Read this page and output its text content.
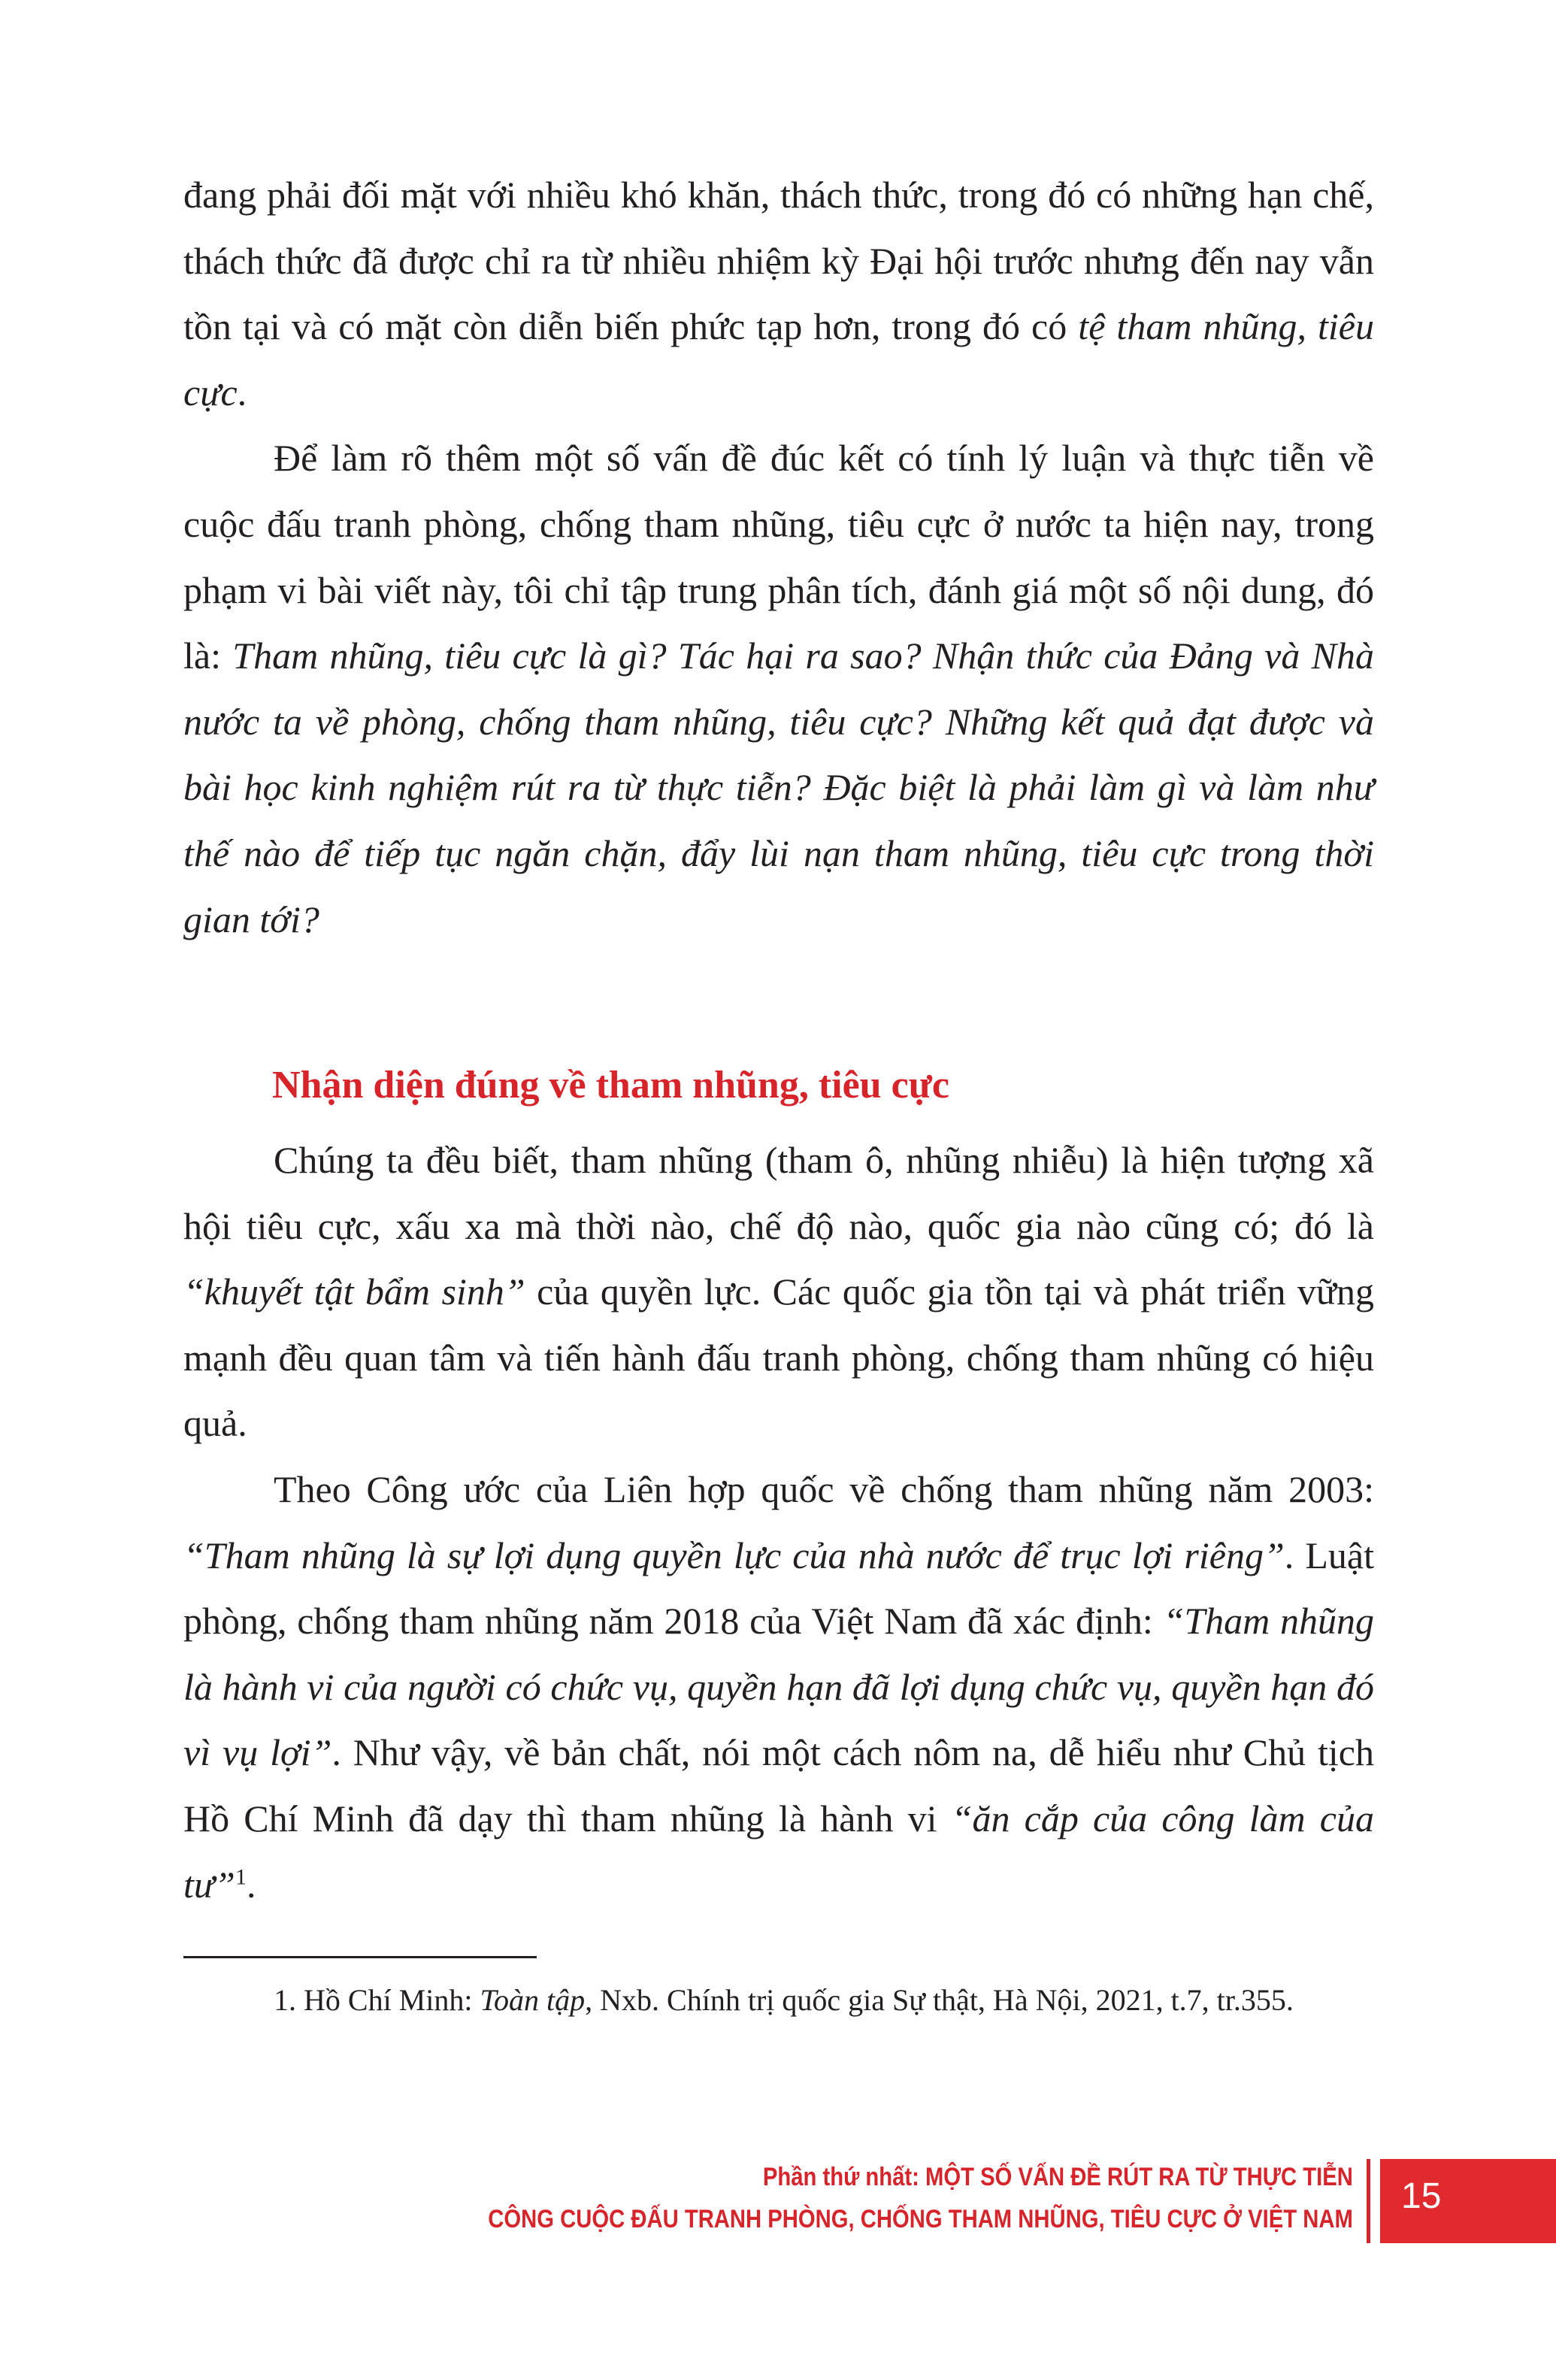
đang phải đối mặt với nhiều khó khăn, thách thức, trong đó có những hạn chế, thách thức đã được chỉ ra từ nhiều nhiệm kỳ Đại hội trước nhưng đến nay vẫn tồn tại và có mặt còn diễn biến phức tạp hơn, trong đó có tệ tham nhũng, tiêu cực.

Để làm rõ thêm một số vấn đề đúc kết có tính lý luận và thực tiễn về cuộc đấu tranh phòng, chống tham nhũng, tiêu cực ở nước ta hiện nay, trong phạm vi bài viết này, tôi chỉ tập trung phân tích, đánh giá một số nội dung, đó là: Tham nhũng, tiêu cực là gì? Tác hại ra sao? Nhận thức của Đảng và Nhà nước ta về phòng, chống tham nhũng, tiêu cực? Những kết quả đạt được và bài học kinh nghiệm rút ra từ thực tiễn? Đặc biệt là phải làm gì và làm như thế nào để tiếp tục ngăn chặn, đẩy lùi nạn tham nhũng, tiêu cực trong thời gian tới?

Nhận diện đúng về tham nhũng, tiêu cực

Chúng ta đều biết, tham nhũng (tham ô, nhũng nhiễu) là hiện tượng xã hội tiêu cực, xấu xa mà thời nào, chế độ nào, quốc gia nào cũng có; đó là “khuyết tật bẩm sinh” của quyền lực. Các quốc gia tồn tại và phát triển vững mạnh đều quan tâm và tiến hành đấu tranh phòng, chống tham nhũng có hiệu quả.

Theo Công ước của Liên hợp quốc về chống tham nhũng năm 2003: “Tham nhũng là sự lợi dụng quyền lực của nhà nước để trục lợi riêng”. Luật phòng, chống tham nhũng năm 2018 của Việt Nam đã xác định: “Tham nhũng là hành vi của người có chức vụ, quyền hạn đã lợi dụng chức vụ, quyền hạn đó vì vụ lợi”. Như vậy, về bản chất, nói một cách nôm na, dễ hiểu như Chủ tịch Hồ Chí Minh đã dạy thì tham nhũng là hành vi “ăn cắp của công làm của tư”$^1$.

1. Hồ Chí Minh: Toàn tập, Nxb. Chính trị quốc gia Sự thật, Hà Nội, 2021, t.7, tr.355.
Phần thứ nhất: MỘT SỐ VẤN ĐỀ RÚT RA TỪ THỰC TIỄN
CÔNG CUỘC ĐẤU TRANH PHÒNG, CHỐNG THAM NHŨNG, TIÊU CỰC Ở VIỆT NAM
15
